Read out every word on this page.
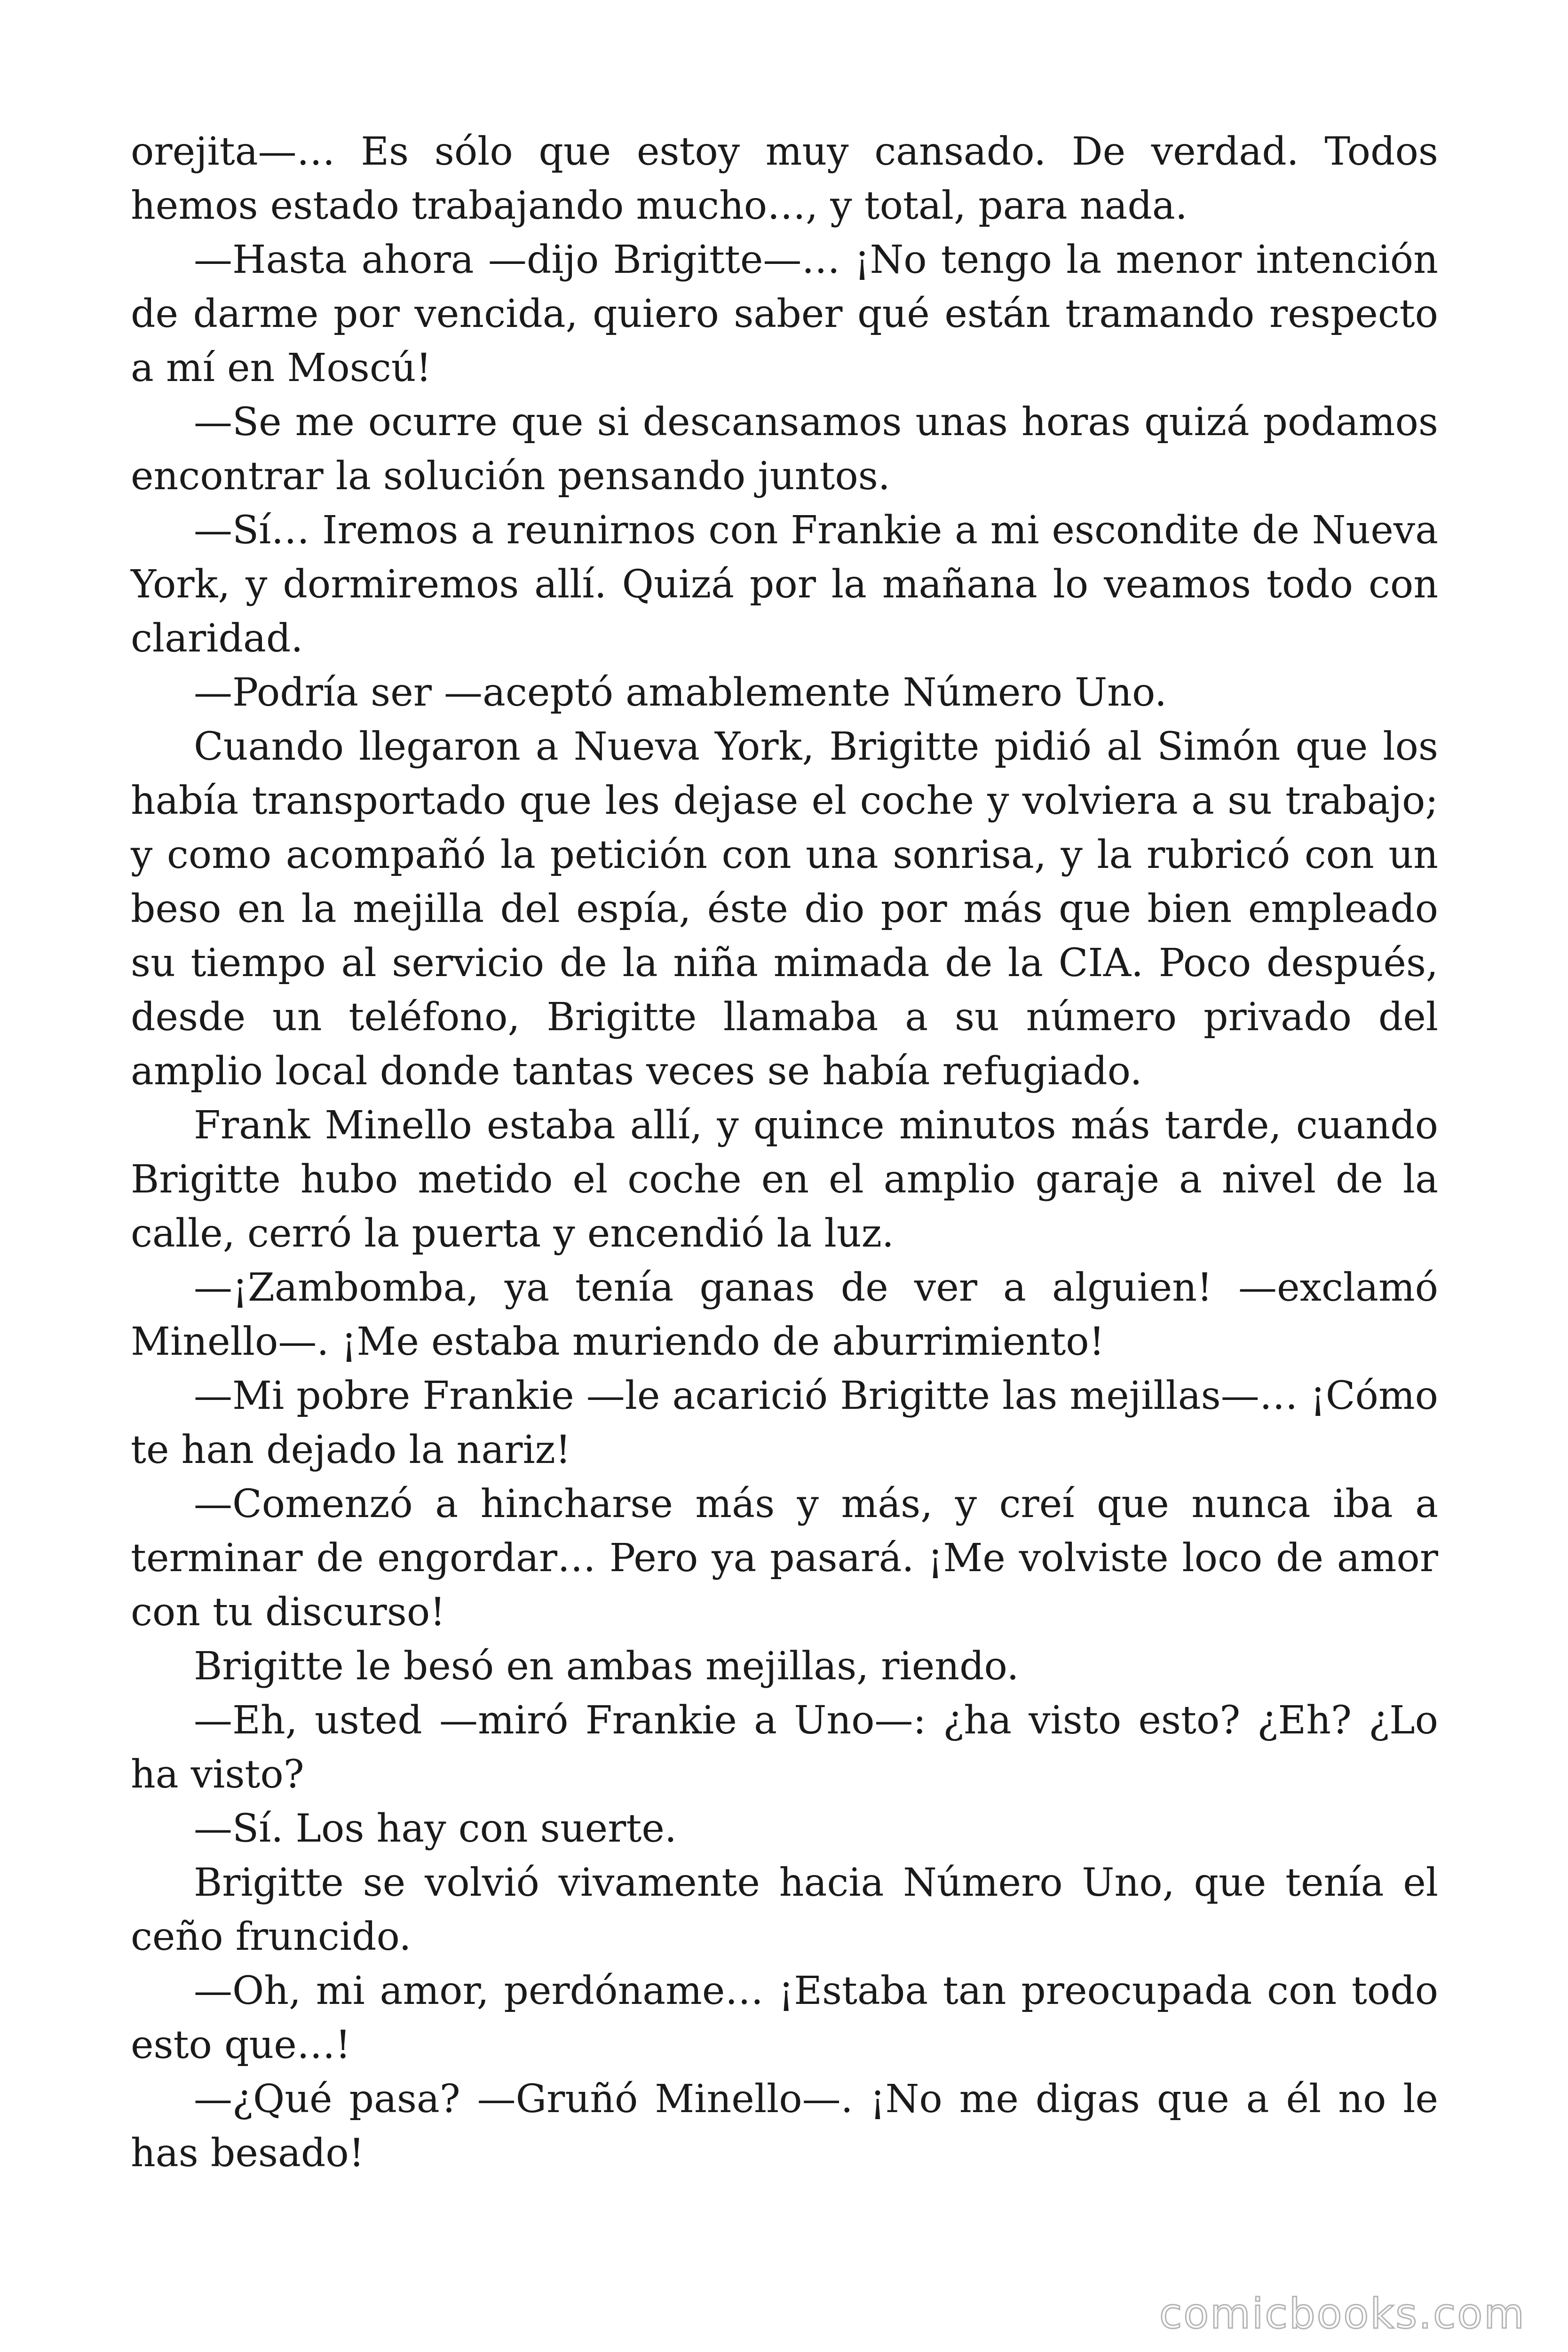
orejita—… Es sólo que estoy muy cansado. De verdad. Todos hemos estado trabajando mucho…, y total, para nada.

—Hasta ahora —dijo Brigitte—… ¡No tengo la menor intención de darme por vencida, quiero saber qué están tramando respecto a mí en Moscú!

—Se me ocurre que si descansamos unas horas quizá podamos encontrar la solución pensando juntos.

—Sí… Iremos a reunirnos con Frankie a mi escondite de Nueva York, y dormiremos allí. Quizá por la mañana lo veamos todo con claridad.

—Podría ser —aceptó amablemente Número Uno.

Cuando llegaron a Nueva York, Brigitte pidió al Simón que los había transportado que les dejase el coche y volviera a su trabajo; y como acompañó la petición con una sonrisa, y la rubricó con un beso en la mejilla del espía, éste dio por más que bien empleado su tiempo al servicio de la niña mimada de la CIA. Poco después, desde un teléfono, Brigitte llamaba a su número privado del amplio local donde tantas veces se había refugiado.

Frank Minello estaba allí, y quince minutos más tarde, cuando Brigitte hubo metido el coche en el amplio garaje a nivel de la calle, cerró la puerta y encendió la luz.

—¡Zambomba, ya tenía ganas de ver a alguien! —exclamó Minello—. ¡Me estaba muriendo de aburrimiento!

—Mi pobre Frankie —le acarició Brigitte las mejillas—… ¡Cómo te han dejado la nariz!

—Comenzó a hincharse más y más, y creí que nunca iba a terminar de engordar… Pero ya pasará. ¡Me volviste loco de amor con tu discurso!

Brigitte le besó en ambas mejillas, riendo.

—Eh, usted —miró Frankie a Uno—: ¿ha visto esto? ¿Eh? ¿Lo ha visto?

—Sí. Los hay con suerte.

Brigitte se volvió vivamente hacia Número Uno, que tenía el ceño fruncido.

—Oh, mi amor, perdóname… ¡Estaba tan preocupada con todo esto que…!

—¿Qué pasa? —Gruñó Minello—. ¡No me digas que a él no le has besado!

comicbooks.com
